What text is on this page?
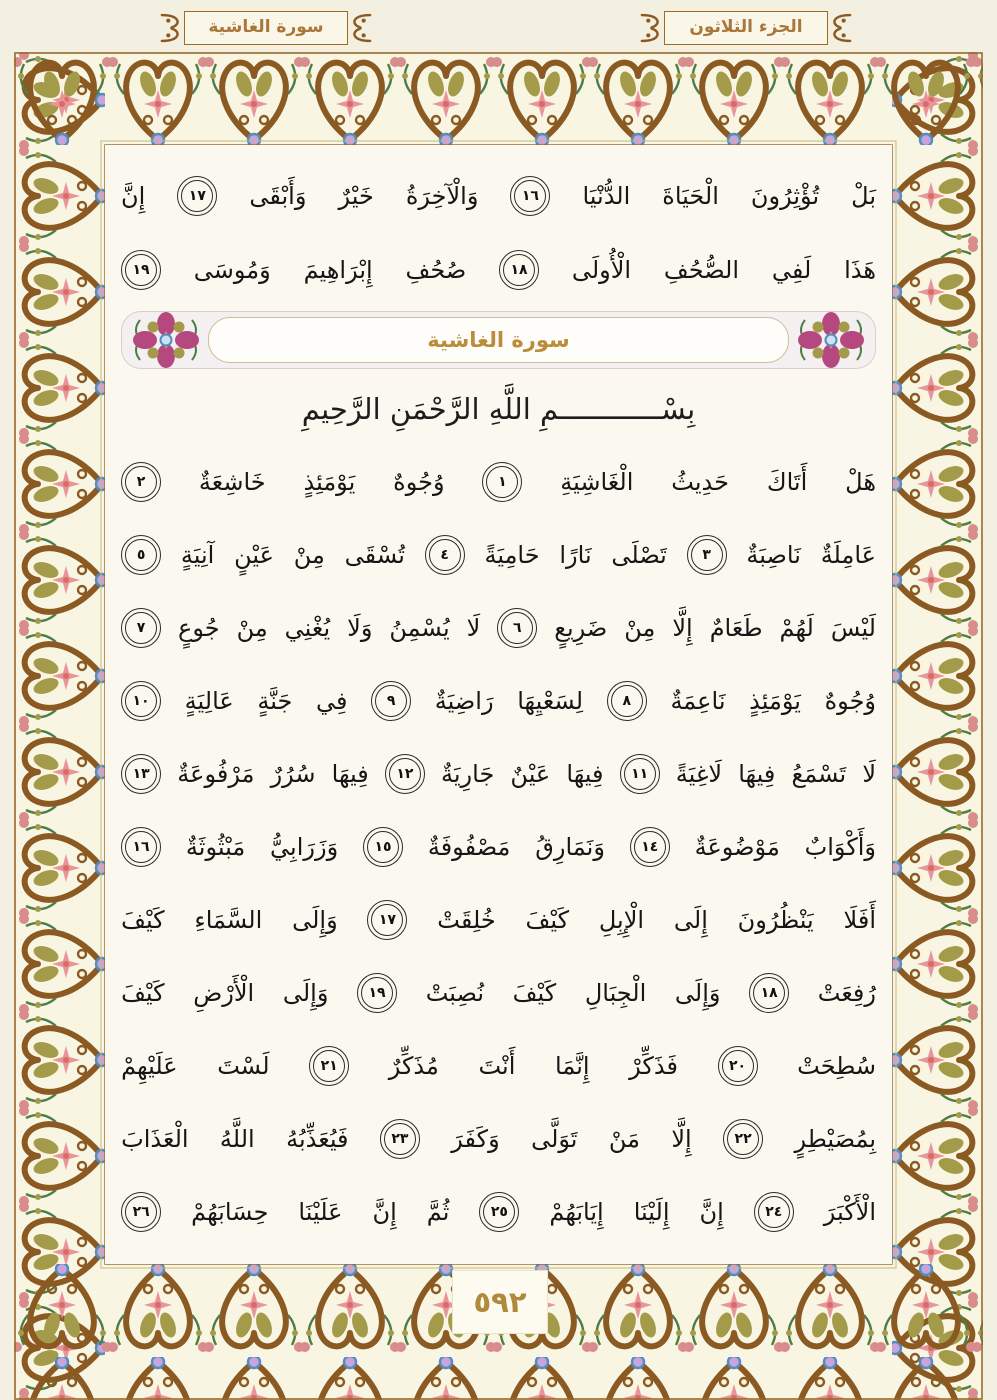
سورة الغاشية	الجزء الثلاثون
بَلْ
تُؤْثِرُونَ
الْحَيَاةَ
الدُّنْيَا
١٦
وَالْآخِرَةُ
خَيْرٌ
وَأَبْقَى
١٧
إِنَّ
هَذَا
لَفِي
الصُّحُفِ
الْأُولَى
١٨
صُحُفِ
إِبْرَاهِيمَ
وَمُوسَى
١٩
سورة الغاشية
بِسْــــــــــــمِ اللَّهِ الرَّحْمَنِ الرَّحِيمِ
هَلْ
أَتَاكَ
حَدِيثُ
الْغَاشِيَةِ
١
وُجُوهٌ
يَوْمَئِذٍ
خَاشِعَةٌ
٢
عَامِلَةٌ
نَاصِبَةٌ
٣
تَصْلَى
نَارًا
حَامِيَةً
٤
تُسْقَى
مِنْ
عَيْنٍ
آنِيَةٍ
٥
لَيْسَ
لَهُمْ
طَعَامٌ
إِلَّا
مِنْ
ضَرِيعٍ
٦
لَا
يُسْمِنُ
وَلَا
يُغْنِي
مِنْ
جُوعٍ
٧
وُجُوهٌ
يَوْمَئِذٍ
نَاعِمَةٌ
٨
لِسَعْيِهَا
رَاضِيَةٌ
٩
فِي
جَنَّةٍ
عَالِيَةٍ
١٠
لَا
تَسْمَعُ
فِيهَا
لَاغِيَةً
١١
فِيهَا
عَيْنٌ
جَارِيَةٌ
١٢
فِيهَا
سُرُرٌ
مَرْفُوعَةٌ
١٣
وَأَكْوَابٌ
مَوْضُوعَةٌ
١٤
وَنَمَارِقُ
مَصْفُوفَةٌ
١٥
وَزَرَابِيُّ
مَبْثُوثَةٌ
١٦
أَفَلَا
يَنْظُرُونَ
إِلَى
الْإِبِلِ
كَيْفَ
خُلِقَتْ
١٧
وَإِلَى
السَّمَاءِ
كَيْفَ
رُفِعَتْ
١٨
وَإِلَى
الْجِبَالِ
كَيْفَ
نُصِبَتْ
١٩
وَإِلَى
الْأَرْضِ
كَيْفَ
سُطِحَتْ
٢٠
فَذَكِّرْ
إِنَّمَا
أَنْتَ
مُذَكِّرٌ
٢١
لَسْتَ
عَلَيْهِمْ
بِمُصَيْطِرٍ
٢٢
إِلَّا
مَنْ
تَوَلَّى
وَكَفَرَ
٢٣
فَيُعَذِّبُهُ
اللَّهُ
الْعَذَابَ
الْأَكْبَرَ
٢٤
إِنَّ
إِلَيْنَا
إِيَابَهُمْ
٢٥
ثُمَّ
إِنَّ
عَلَيْنَا
حِسَابَهُمْ
٢٦
٥٩٢
